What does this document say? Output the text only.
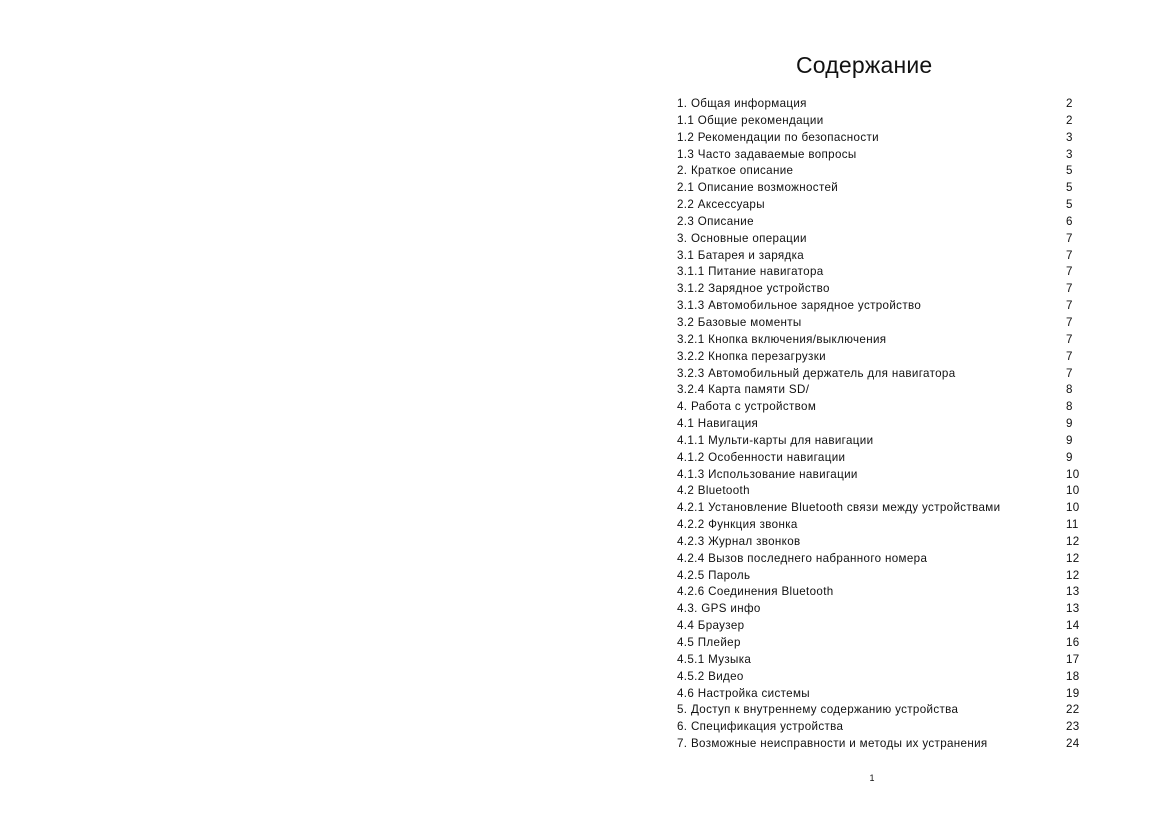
Содержание
1. Общая информация	2
1.1 Общие рекомендации	2
1.2 Рекомендации по безопасности	3
1.3 Часто задаваемые вопросы	3
2. Краткое описание	5
2.1 Описание возможностей	5
2.2 Аксессуары	5
2.3 Описание	6
3. Основные операции	7
3.1 Батарея и зарядка	7
3.1.1 Питание навигатора	7
3.1.2 Зарядное устройство	7
3.1.3 Автомобильное зарядное устройство	7
3.2 Базовые моменты	7
3.2.1 Кнопка включения/выключения	7
3.2.2 Кнопка перезагрузки	7
3.2.3 Автомобильный держатель для навигатора	7
3.2.4 Карта памяти SD/	8
4. Работа с устройством	8
4.1 Навигация	9
4.1.1 Мульти-карты для навигации	9
4.1.2 Особенности навигации	9
4.1.3 Использование навигации	10
4.2 Bluetooth	10
4.2.1 Установление Bluetooth связи между устройствами	10
4.2.2 Функция звонка	11
4.2.3 Журнал звонков	12
4.2.4 Вызов последнего набранного номера	12
4.2.5 Пароль	12
4.2.6 Соединения Bluetooth	13
4.3. GPS инфо	13
4.4 Браузер	14
4.5 Плейер	16
4.5.1 Музыка	17
4.5.2 Видео	18
4.6 Настройка системы	19
5. Доступ к внутреннему содержанию устройства	22
6. Спецификация устройства	23
7. Возможные неисправности и методы их устранения	24
1
